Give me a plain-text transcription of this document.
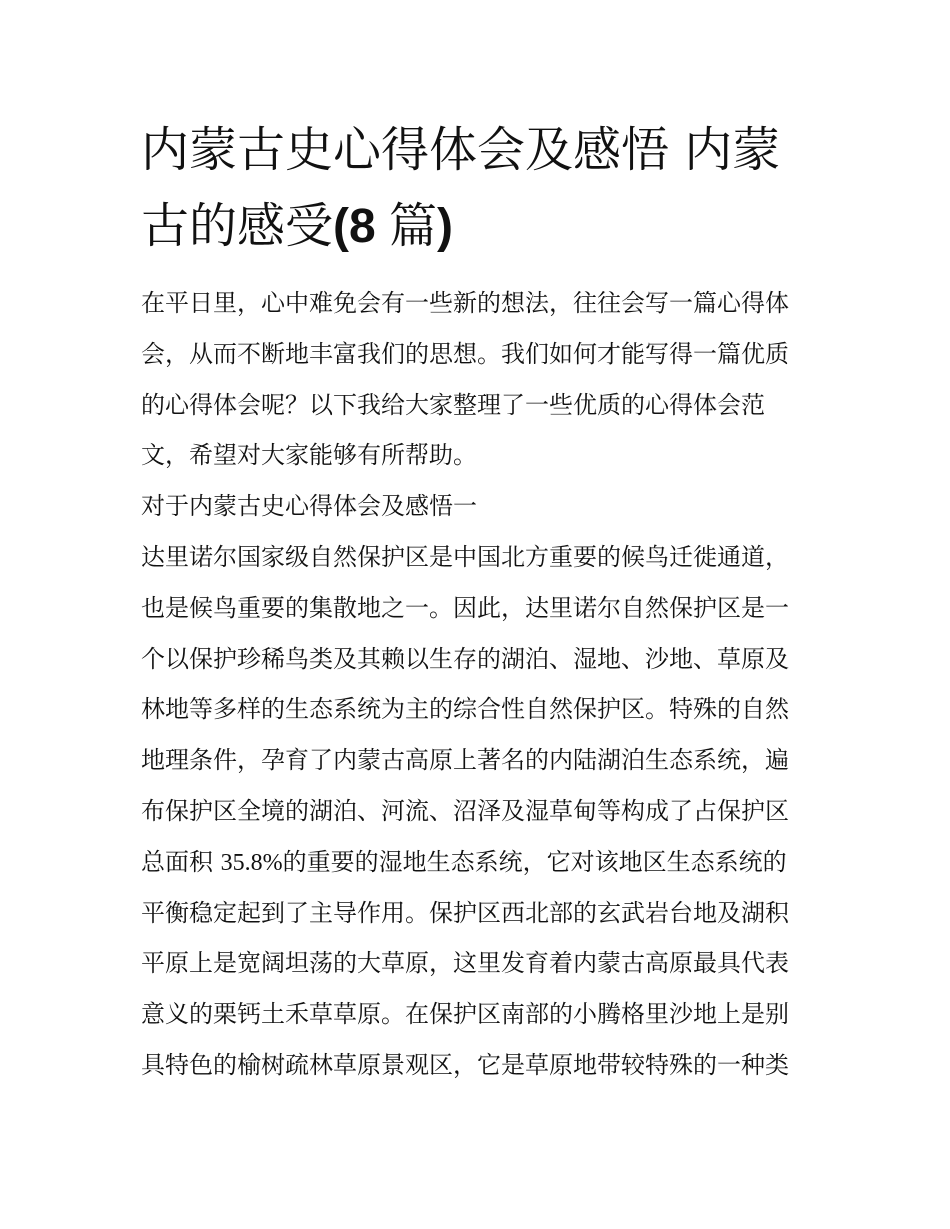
内蒙古史心得体会及感悟 内蒙
古的感受(8 篇)
在平日里，心中难免会有一些新的想法，往往会写一篇心得体
会，从而不断地丰富我们的思想。我们如何才能写得一篇优质
的心得体会呢？以下我给大家整理了一些优质的心得体会范
文，希望对大家能够有所帮助。
对于内蒙古史心得体会及感悟一
达里诺尔国家级自然保护区是中国北方重要的候鸟迁徙通道，
也是候鸟重要的集散地之一。因此，达里诺尔自然保护区是一
个以保护珍稀鸟类及其赖以生存的湖泊、湿地、沙地、草原及
林地等多样的生态系统为主的综合性自然保护区。特殊的自然
地理条件，孕育了内蒙古高原上著名的内陆湖泊生态系统，遍
布保护区全境的湖泊、河流、沼泽及湿草甸等构成了占保护区
总面积 35.8%的重要的湿地生态系统，它对该地区生态系统的
平衡稳定起到了主导作用。保护区西北部的玄武岩台地及湖积
平原上是宽阔坦荡的大草原，这里发育着内蒙古高原最具代表
意义的栗钙土禾草草原。在保护区南部的小腾格里沙地上是别
具特色的榆树疏林草原景观区，它是草原地带较特殊的一种类
